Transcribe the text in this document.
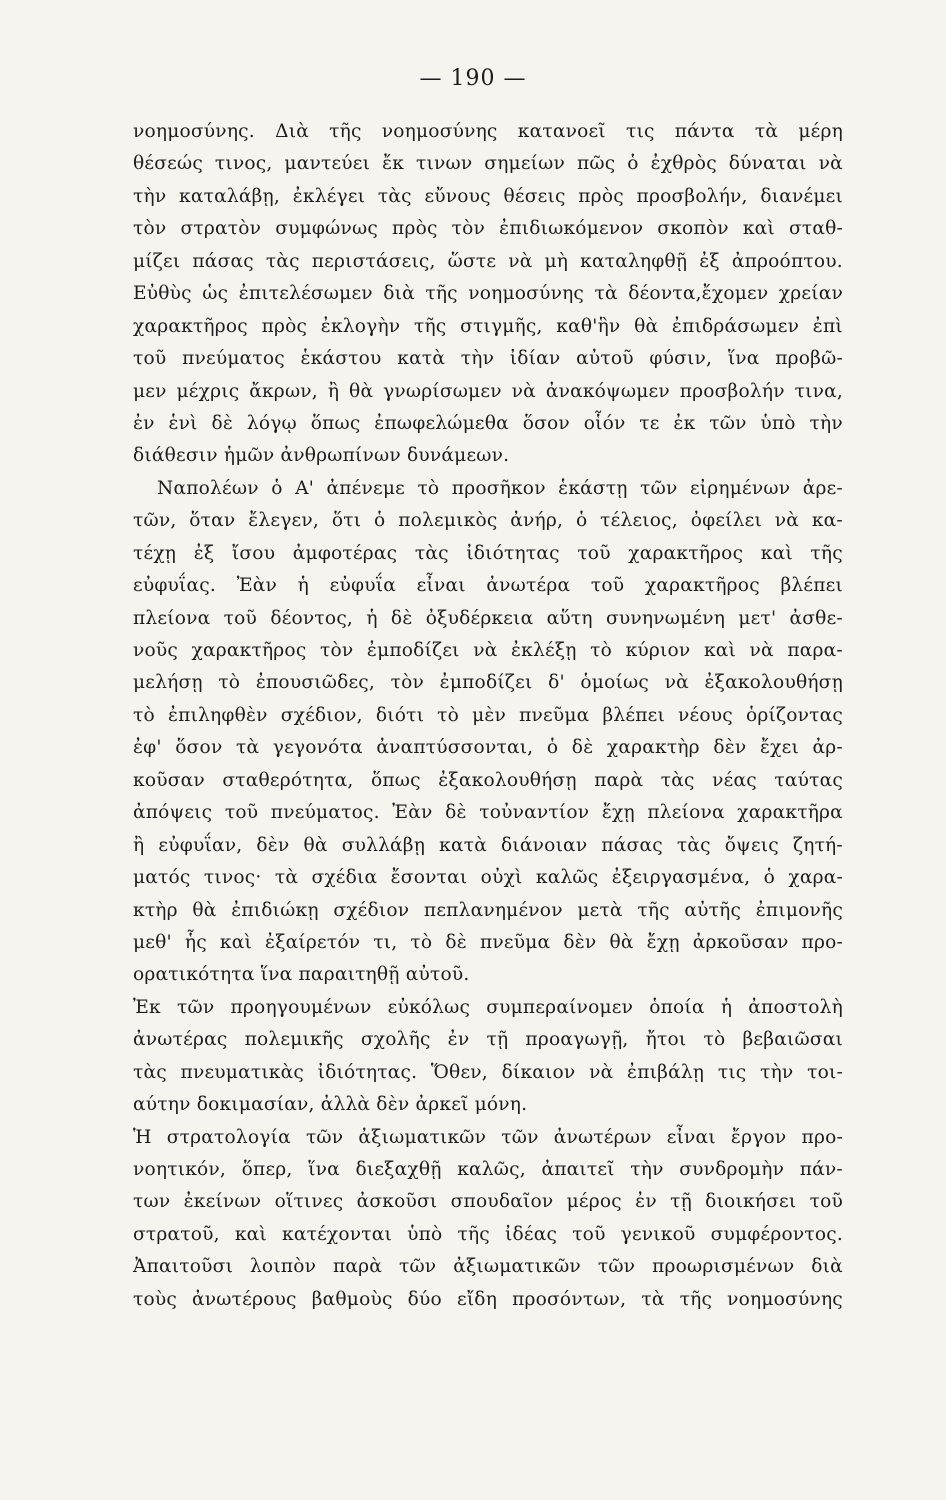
— 190 —
νοημοσύνης. Διὰ τῆς νοημοσύνης κατανοεῖ τις πάντα τὰ μέρη
θέσεώς τινος, μαντεύει ἔκ τινων σημείων πῶς ὁ ἐχθρὸς δύναται νὰ
τὴν καταλάβῃ, ἐκλέγει τὰς εὔνους θέσεις πρὸς προσβολήν, διανέμει
τὸν στρατὸν συμφώνως πρὸς τὸν ἐπιδιωκόμενον σκοπὸν καὶ σταθ-
μίζει πάσας τὰς περιστάσεις, ὥστε νὰ μὴ καταληφθῇ ἐξ ἀπροόπτου.
Εὐθὺς ὡς ἐπιτελέσωμεν διὰ τῆς νοημοσύνης τὰ δέοντα,ἔχομεν χρείαν
χαρακτῆρος πρὸς ἐκλογὴν τῆς στιγμῆς, καθ'ἣν θὰ ἐπιδράσωμεν ἐπὶ
τοῦ πνεύματος ἑκάστου κατὰ τὴν ἰδίαν αὐτοῦ φύσιν, ἵνα προβῶ-
μεν μέχρις ἄκρων, ἢ θὰ γνωρίσωμεν νὰ ἀνακόψωμεν προσβολήν τινα,
ἐν ἑνὶ δὲ λόγῳ ὅπως ἐπωφελώμεθα ὅσον οἷόν τε ἐκ τῶν ὑπὸ τὴν
διάθεσιν ἡμῶν ἀνθρωπίνων δυνάμεων.
Ναπολέων ὁ Α' ἀπένεμε τὸ προσῆκον ἑκάστῃ τῶν εἰρημένων ἀρε-
τῶν, ὅταν ἔλεγεν, ὅτι ὁ πολεμικὸς ἀνήρ, ὁ τέλειος, ὀφείλει νὰ κα-
τέχῃ ἐξ ἴσου ἀμφοτέρας τὰς ἰδιότητας τοῦ χαρακτῆρος καὶ τῆς
εὐφυΐας. Ἐὰν ἡ εὐφυΐα εἶναι ἀνωτέρα τοῦ χαρακτῆρος βλέπει
πλείονα τοῦ δέοντος, ἡ δὲ ὀξυδέρκεια αὕτη συνηνωμένη μετ' ἀσθε-
νοῦς χαρακτῆρος τὸν ἐμποδίζει νὰ ἐκλέξῃ τὸ κύριον καὶ νὰ παρα-
μελήσῃ τὸ ἐπουσιῶδες, τὸν ἐμποδίζει δ' ὁμοίως νὰ ἐξακολουθήσῃ
τὸ ἐπιληφθὲν σχέδιον, διότι τὸ μὲν πνεῦμα βλέπει νέους ὁρίζοντας
ἐφ' ὅσον τὰ γεγονότα ἀναπτύσσονται, ὁ δὲ χαρακτὴρ δὲν ἔχει ἀρ-
κοῦσαν σταθερότητα, ὅπως ἐξακολουθήσῃ παρὰ τὰς νέας ταύτας
ἀπόψεις τοῦ πνεύματος. Ἐὰν δὲ τοὐναντίον ἔχῃ πλείονα χαρακτῆρα
ἢ εὐφυΐαν, δὲν θὰ συλλάβῃ κατὰ διάνοιαν πάσας τὰς ὄψεις ζητή-
ματός τινος· τὰ σχέδια ἔσονται οὐχὶ καλῶς ἐξειργασμένα, ὁ χαρα-
κτὴρ θὰ ἐπιδιώκῃ σχέδιον πεπλανημένον μετὰ τῆς αὐτῆς ἐπιμονῆς
μεθ' ἧς καὶ ἐξαίρετόν τι, τὸ δὲ πνεῦμα δὲν θὰ ἔχῃ ἀρκοῦσαν προ-
ορατικότητα ἵνα παραιτηθῇ αὐτοῦ.
Ἐκ τῶν προηγουμένων εὐκόλως συμπεραίνομεν ὁποία ἡ ἀποστολὴ
ἀνωτέρας πολεμικῆς σχολῆς ἐν τῇ προαγωγῇ, ἤτοι τὸ βεβαιῶσαι
τὰς πνευματικὰς ἰδιότητας. Ὅθεν, δίκαιον νὰ ἐπιβάλῃ τις τὴν τοι-
αύτην δοκιμασίαν, ἀλλὰ δὲν ἀρκεῖ μόνη.
Ἡ στρατολογία τῶν ἀξιωματικῶν τῶν ἀνωτέρων εἶναι ἔργον προ-
νοητικόν, ὅπερ, ἵνα διεξαχθῇ καλῶς, ἀπαιτεῖ τὴν συνδρομὴν πάν-
των ἐκείνων οἵτινες ἀσκοῦσι σπουδαῖον μέρος ἐν τῇ διοικήσει τοῦ
στρατοῦ, καὶ κατέχονται ὑπὸ τῆς ἰδέας τοῦ γενικοῦ συμφέροντος.
Ἀπαιτοῦσι λοιπὸν παρὰ τῶν ἀξιωματικῶν τῶν προωρισμένων διὰ
τοὺς ἀνωτέρους βαθμοὺς δύο εἴδη προσόντων, τὰ τῆς νοημοσύνης
